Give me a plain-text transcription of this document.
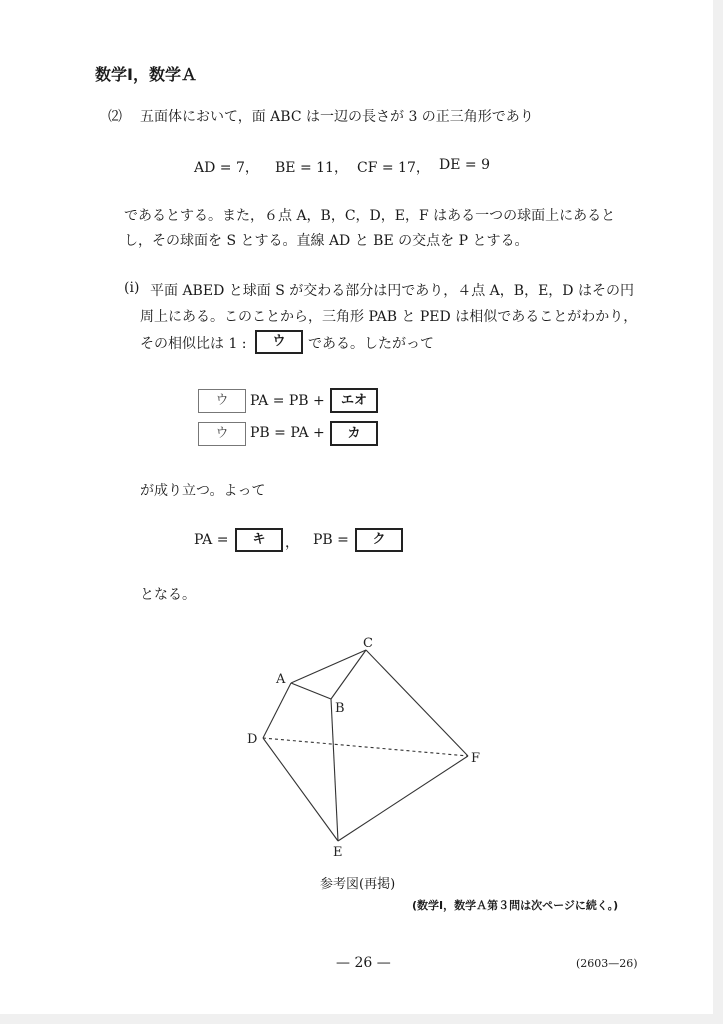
数学Ⅰ，数学Ａ
⑵ 五面体において，面 ABC は一辺の長さが 3 の正三角形であり
AD = 7， BE = 11， CF = 17， DE = 9
であるとする。また，６点 A，B，C，D，E，F はある一つの球面上にあると
し，その球面を S とする。直線 AD と BE の交点を P とする。
(i) 平面 ABED と球面 S が交わる部分は円であり，４点 A，B，E，D はその円
周上にある。このことから，三角形 PAB と PED は相似であることがわかり，
その相似比は 1 :	ウ	である。したがって
ウ	PA = PB +	エオ
ウ	PB = PA +	カ
が成り立つ。よって
PA =	キ	， PB =	ク
となる。
A
B
C
D
E
F
参考図(再掲)
(数学Ⅰ，数学Ａ第３問は次ページに続く。)
— 26 —	(2603—26)
